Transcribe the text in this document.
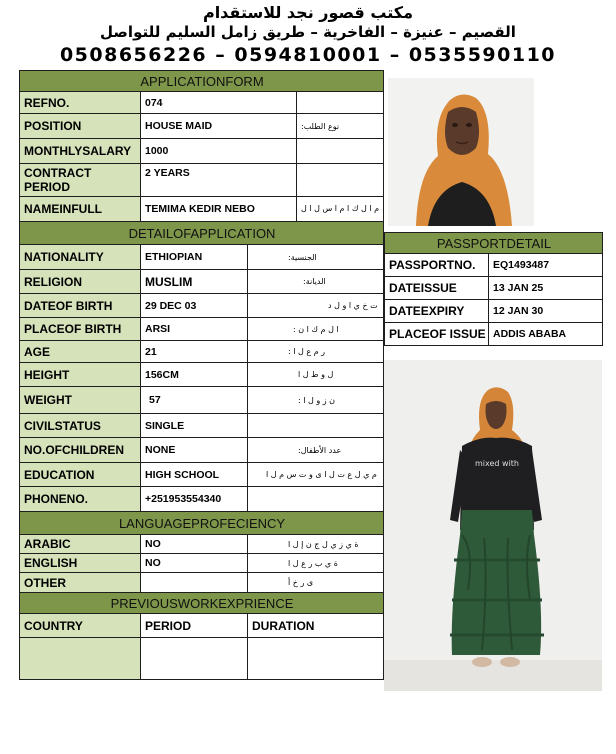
مكتب قصور نجد للاستقدام
القصيم – عنيزة – الفاخرية – طريق زامل السليم للتواصل
0508656226 – 0594810001 – 0535590110
APPLICATIONFORM			
REFNO.	074		
POSITION	HOUSE MAID		:نوع الطلب
MONTHLYSALARY	1000		
CONTRACT PERIOD	2 YEARS		
NAMEINFULL	TEMIMA KEDIR NEBO		م ا ل ك ا م ا س ل ا ل
DETAILOFAPPLICATION			
NATIONALITY	ETHIOPIAN	:الجنسية	
RELIGION	MUSLIM	:الديانة	
DATEOF BIRTH	29 DEC 03	ت خ ي ا و ل د	
PLACEOF BIRTH	ARSI	: ا ل م ك ا ن	
AGE	21	: ر م ع ل ا	
HEIGHT	156CM	ل و ط ل ا	
WEIGHT	57	: ن ز و ل ا	
CIVILSTATUS	SINGLE		
NO.OFCHILDREN	NONE	:عدد الأطفال	
EDUCATION	HIGH SCHOOL	م ي ل ع ت ل ا ى و ت س م ل ا	
PHONENO.	+251953554340		
LANGUAGEPROFECIENCY			
ARABIC	NO	ة ي ز ي ل ج ن إ ل ا	
ENGLISH	NO	ة ي ب ر ع ل ا	
OTHER		ى ر خ أ	
PREVIOUSWORKEXPRIENCE			
COUNTRY	PERIOD	DURATION	

PASSPORTDETAIL	
PASSPORTNO.	EQ1493487
DATEISSUE	13 JAN 25
DATEEXPIRY	12 JAN 30
PLACEOF ISSUE	ADDIS ABABA
mixed with
